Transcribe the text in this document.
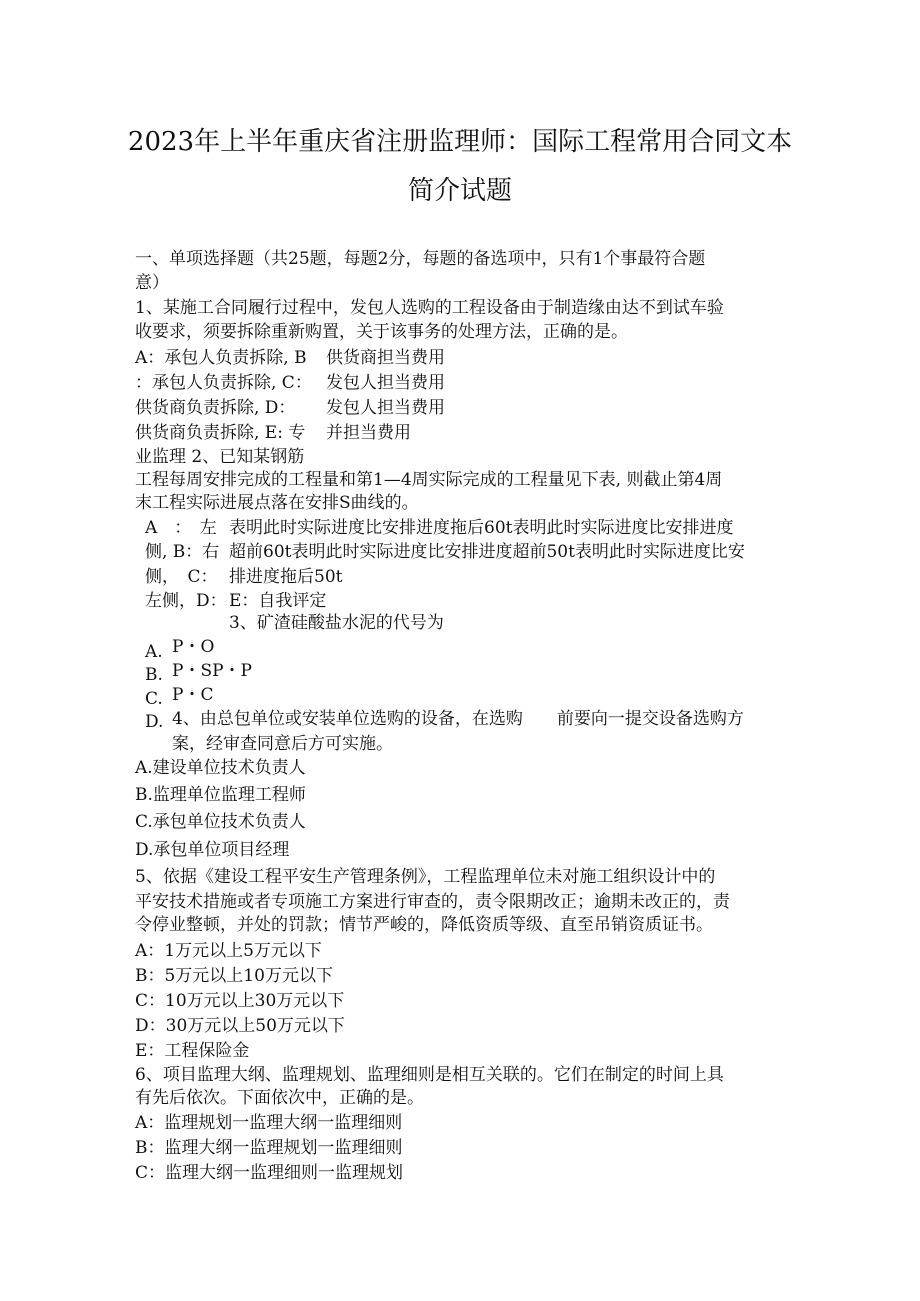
2023年上半年重庆省注册监理师：国际工程常用合同文本
简介试题
一、单项选择题（共25题，每题2分，每题的备选项中，只有1个事最符合题
意）
1、某施工合同履行过程中，发包人选购的工程设备由于制造缘由达不到试车验
收要求，须要拆除重新购置，关于该事务的处理方法，正确的是。
A：承包人负责拆除, B
：承包人负责拆除, C：
供货商负责拆除, D：
供货商负责拆除, E: 专
业监理 2、已知某钢筋
供货商担当费用
发包人担当费用
发包人担当费用
并担当费用
工程每周安排完成的工程量和第1—4周实际完成的工程量见下表, 则截止第4周
末工程实际进展点落在安排S曲线的。
A　：　左
侧, B：右
侧，　C：
左侧，D：
表明此时实际进度比安排进度拖后60t表明此时实际进度比安排进度
超前60t表明此时实际进度比安排进度超前50t表明此时实际进度比安
排进度拖后50t
E：自我评定
3、矿渣硅酸盐水泥的代号为
A.
B.
C.
D.
P・O
P・SP・P
P・C
4、由总包单位或安装单位选购的设备，在选购　　前要向一提交设备选购方
案，经审查同意后方可实施。
A.建设单位技术负责人
B.监理单位监理工程师
C.承包单位技术负责人
D.承包单位项目经理
5、依据《建设工程平安生产管理条例》，工程监理单位未对施工组织设计中的
平安技术措施或者专项施工方案进行审查的，责令限期改正；逾期未改正的，责
令停业整顿，并处的罚款；情节严峻的，降低资质等级、直至吊销资质证书。
A：1万元以上5万元以下
B：5万元以上10万元以下
C：10万元以上30万元以下
D：30万元以上50万元以下
E：工程保险金
6、项目监理大纲、监理规划、监理细则是相互关联的。它们在制定的时间上具
有先后依次。下面依次中，正确的是。
A：监理规划一监理大纲一监理细则
B：监理大纲一监理规划一监理细则
C：监理大纲一监理细则一监理规划
